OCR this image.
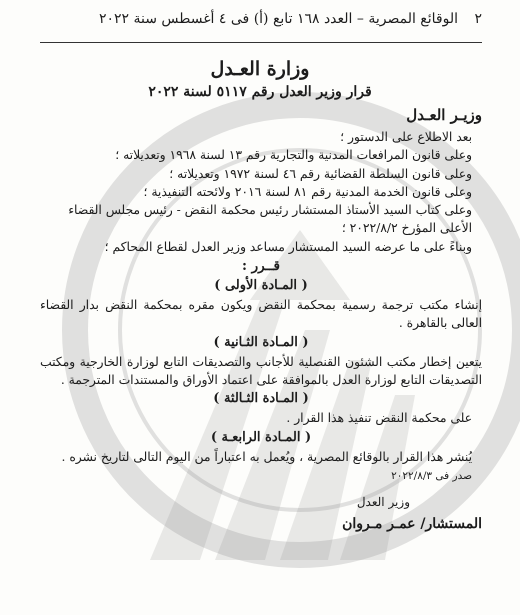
٢ الوقائع المصرية – العدد ١٦٨ تابع (أ) فى ٤ أغسطس سنة ٢٠٢٢
وزارة العـدل
قرار وزير العدل رقم ٥١١٧ لسنة ٢٠٢٢
وزيـر العـدل
بعد الاطلاع على الدستور ؛
وعلى قانون المرافعات المدنية والتجارية رقم ١٣ لسنة ١٩٦٨ وتعديلاته ؛
وعلى قانون السلطة القضائية رقم ٤٦ لسنة ١٩٧٢ وتعديلاته ؛
وعلى قانون الخدمة المدنية رقم ٨١ لسنة ٢٠١٦ ولائحته التنفيذية ؛
وعلى كتاب السيد الأستاذ المستشار رئيس محكمة النقض - رئيس مجلس القضاء الأعلى المؤرخ ٢٠٢٢/٨/٢ ؛
وبناءً على ما عرضه السيد المستشار مساعد وزير العدل لقطاع المحاكم ؛
قــرر :
( المـادة الأولى )
إنشاء مكتب ترجمة رسمية بمحكمة النقض ويكون مقره بمحكمة النقض بدار القضاء العالى بالقاهرة .
( المـادة الثـانية )
يتعين إخطار مكتب الشئون القنصلية للأجانب والتصديقات التابع لوزارة الخارجية ومكتب التصديقات التابع لوزارة العدل بالموافقة على اعتماد الأوراق والمستندات المترجمة .
( المـادة الثـالثة )
على محكمة النقض تنفيذ هذا القرار .
( المـادة الرابعـة )
يُنشر هذا القرار بالوقائع المصرية ، ويُعمل به اعتباراً من اليوم التالى لتاريخ نشره .
صدر فى ٢٠٢٢/٨/٣
وزير العدل
المستشار/ عمـر مـروان
